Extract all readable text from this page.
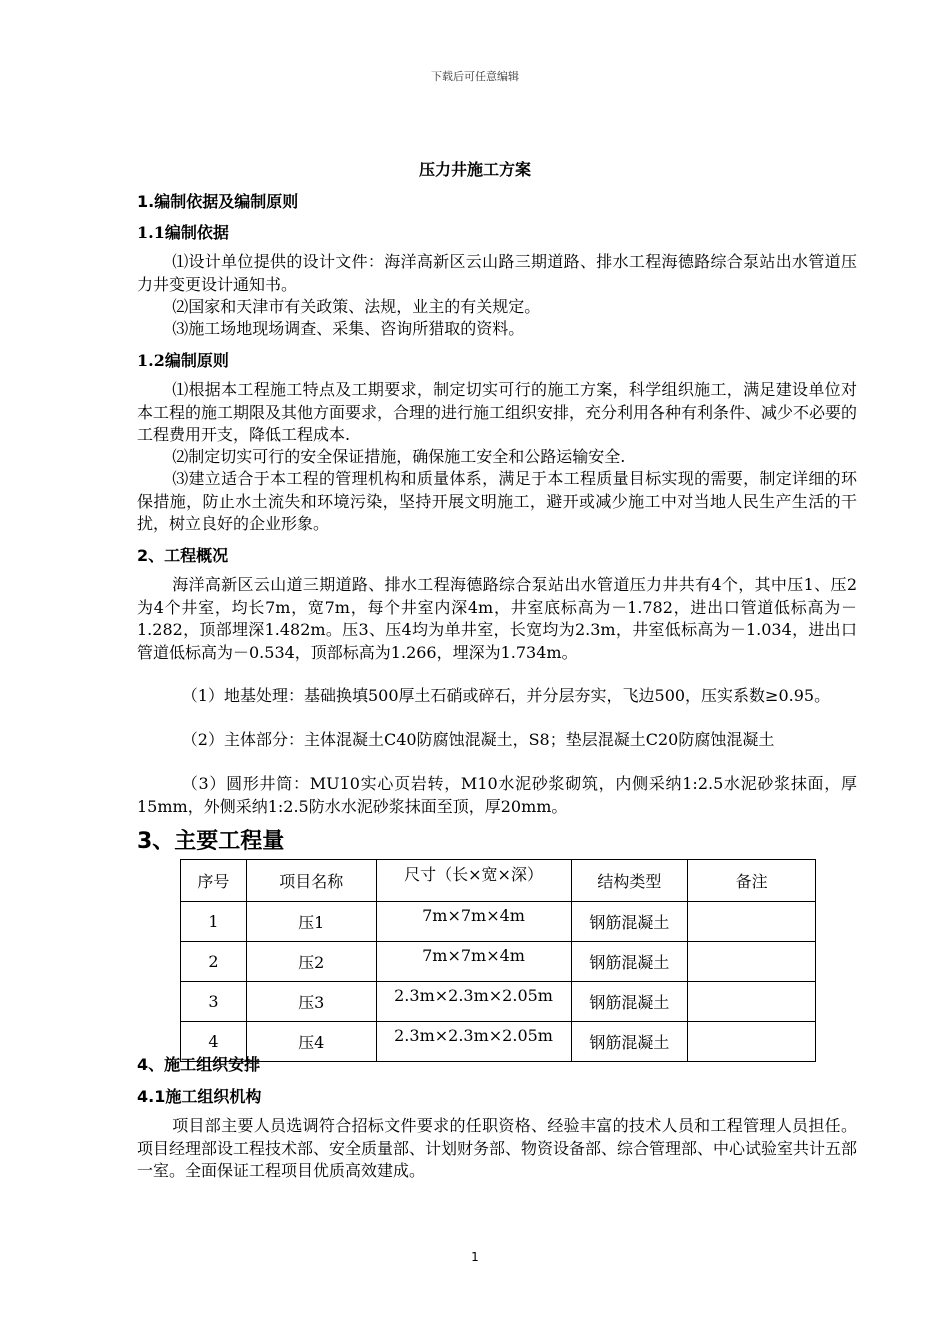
下载后可任意编辑
压力井施工方案
1.编制依据及编制原则
1.1编制依据
⑴设计单位提供的设计文件：海洋高新区云山路三期道路、排水工程海德路综合泵站出水管道压力井变更设计通知书。
⑵国家和天津市有关政策、法规，业主的有关规定。
⑶施工场地现场调查、采集、咨询所猎取的资料。
1.2编制原则
⑴根据本工程施工特点及工期要求，制定切实可行的施工方案，科学组织施工，满足建设单位对本工程的施工期限及其他方面要求，合理的进行施工组织安排，充分利用各种有利条件、减少不必要的工程费用开支，降低工程成本.
⑵制定切实可行的安全保证措施，确保施工安全和公路运输安全.
⑶建立适合于本工程的管理机构和质量体系，满足于本工程质量目标实现的需要，制定详细的环保措施，防止水土流失和环境污染，坚持开展文明施工，避开或减少施工中对当地人民生产生活的干扰，树立良好的企业形象。
2、工程概况
海洋高新区云山道三期道路、排水工程海德路综合泵站出水管道压力井共有4个，其中压1、压2为4个井室，均长7m，宽7m，每个井室内深4m，井室底标高为－1.782，进出口管道低标高为－1.282，顶部埋深1.482m。压3、压4均为单井室，长宽均为2.3m，井室低标高为－1.034，进出口管道低标高为－0.534，顶部标高为1.266，埋深为1.734m。
（1）地基处理：基础换填500厚土石硝或碎石，并分层夯实，飞边500，压实系数≥0.95。
（2）主体部分：主体混凝土C40防腐蚀混凝土，S8；垫层混凝土C20防腐蚀混凝土
（3）圆形井筒：MU10实心页岩转，M10水泥砂浆砌筑，内侧采纳1:2.5水泥砂浆抹面，厚15mm，外侧采纳1:2.5防水水泥砂浆抹面至顶，厚20mm。
3、主要工程量
序号	项目名称	尺寸（长×宽×深）	结构类型	备注
1	压1	7m×7m×4m	钢筋混凝土	
2	压2	7m×7m×4m	钢筋混凝土	
3	压3	2.3m×2.3m×2.05m	钢筋混凝土	
4	压4	2.3m×2.3m×2.05m	钢筋混凝土	
4、施工组织安排
4.1施工组织机构
项目部主要人员选调符合招标文件要求的任职资格、经验丰富的技术人员和工程管理人员担任。项目经理部设工程技术部、安全质量部、计划财务部、物资设备部、综合管理部、中心试验室共计五部一室。全面保证工程项目优质高效建成。
1
